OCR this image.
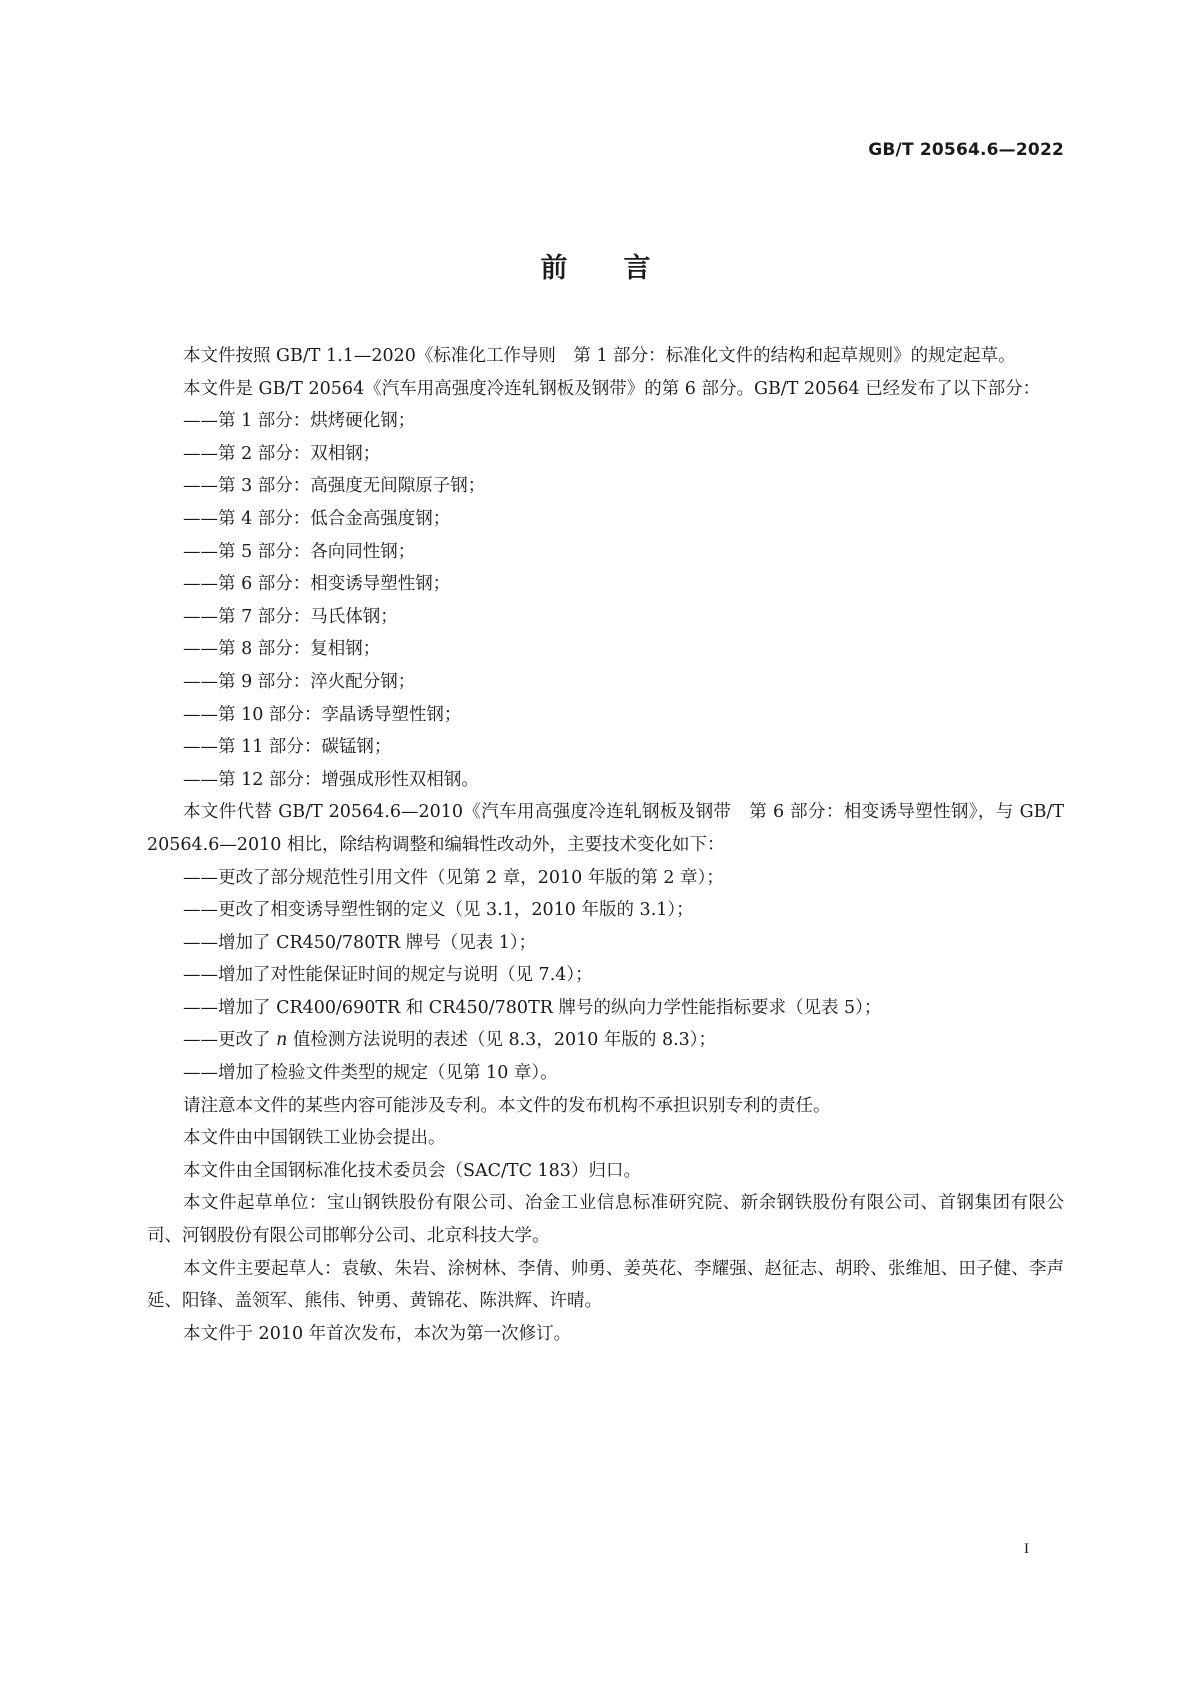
GB/T 20564.6—2022
前言

本文件按照 GB/T 1.1—2020《标准化工作导则　第 1 部分：标准化文件的结构和起草规则》的规定起草。

本文件是 GB/T 20564《汽车用高强度冷连轧钢板及钢带》的第 6 部分。GB/T 20564 已经发布了以下部分：

——第 1 部分：烘烤硬化钢；

——第 2 部分：双相钢；

——第 3 部分：高强度无间隙原子钢；

——第 4 部分：低合金高强度钢；

——第 5 部分：各向同性钢；

——第 6 部分：相变诱导塑性钢；

——第 7 部分：马氏体钢；

——第 8 部分：复相钢；

——第 9 部分：淬火配分钢；

——第 10 部分：孪晶诱导塑性钢；

——第 11 部分：碳锰钢；

——第 12 部分：增强成形性双相钢。

本文件代替 GB/T 20564.6—2010《汽车用高强度冷连轧钢板及钢带　第 6 部分：相变诱导塑性钢》，与 GB/T 20564.6—2010 相比，除结构调整和编辑性改动外，主要技术变化如下：

——更改了部分规范性引用文件（见第 2 章，2010 年版的第 2 章）；

——更改了相变诱导塑性钢的定义（见 3.1，2010 年版的 3.1）；

——增加了 CR450/780TR 牌号（见表 1）；

——增加了对性能保证时间的规定与说明（见 7.4）；

——增加了 CR400/690TR 和 CR450/780TR 牌号的纵向力学性能指标要求（见表 5）；

——更改了 n 值检测方法说明的表述（见 8.3，2010 年版的 8.3）；

——增加了检验文件类型的规定（见第 10 章）。

请注意本文件的某些内容可能涉及专利。本文件的发布机构不承担识别专利的责任。

本文件由中国钢铁工业协会提出。

本文件由全国钢标准化技术委员会（SAC/TC 183）归口。

本文件起草单位：宝山钢铁股份有限公司、冶金工业信息标准研究院、新余钢铁股份有限公司、首钢集团有限公司、河钢股份有限公司邯郸分公司、北京科技大学。

本文件主要起草人：袁敏、朱岩、涂树林、李倩、帅勇、姜英花、李耀强、赵征志、胡聆、张维旭、田子健、李声延、阳锋、盖领军、熊伟、钟勇、黄锦花、陈洪辉、许晴。

本文件于 2010 年首次发布，本次为第一次修订。

I
